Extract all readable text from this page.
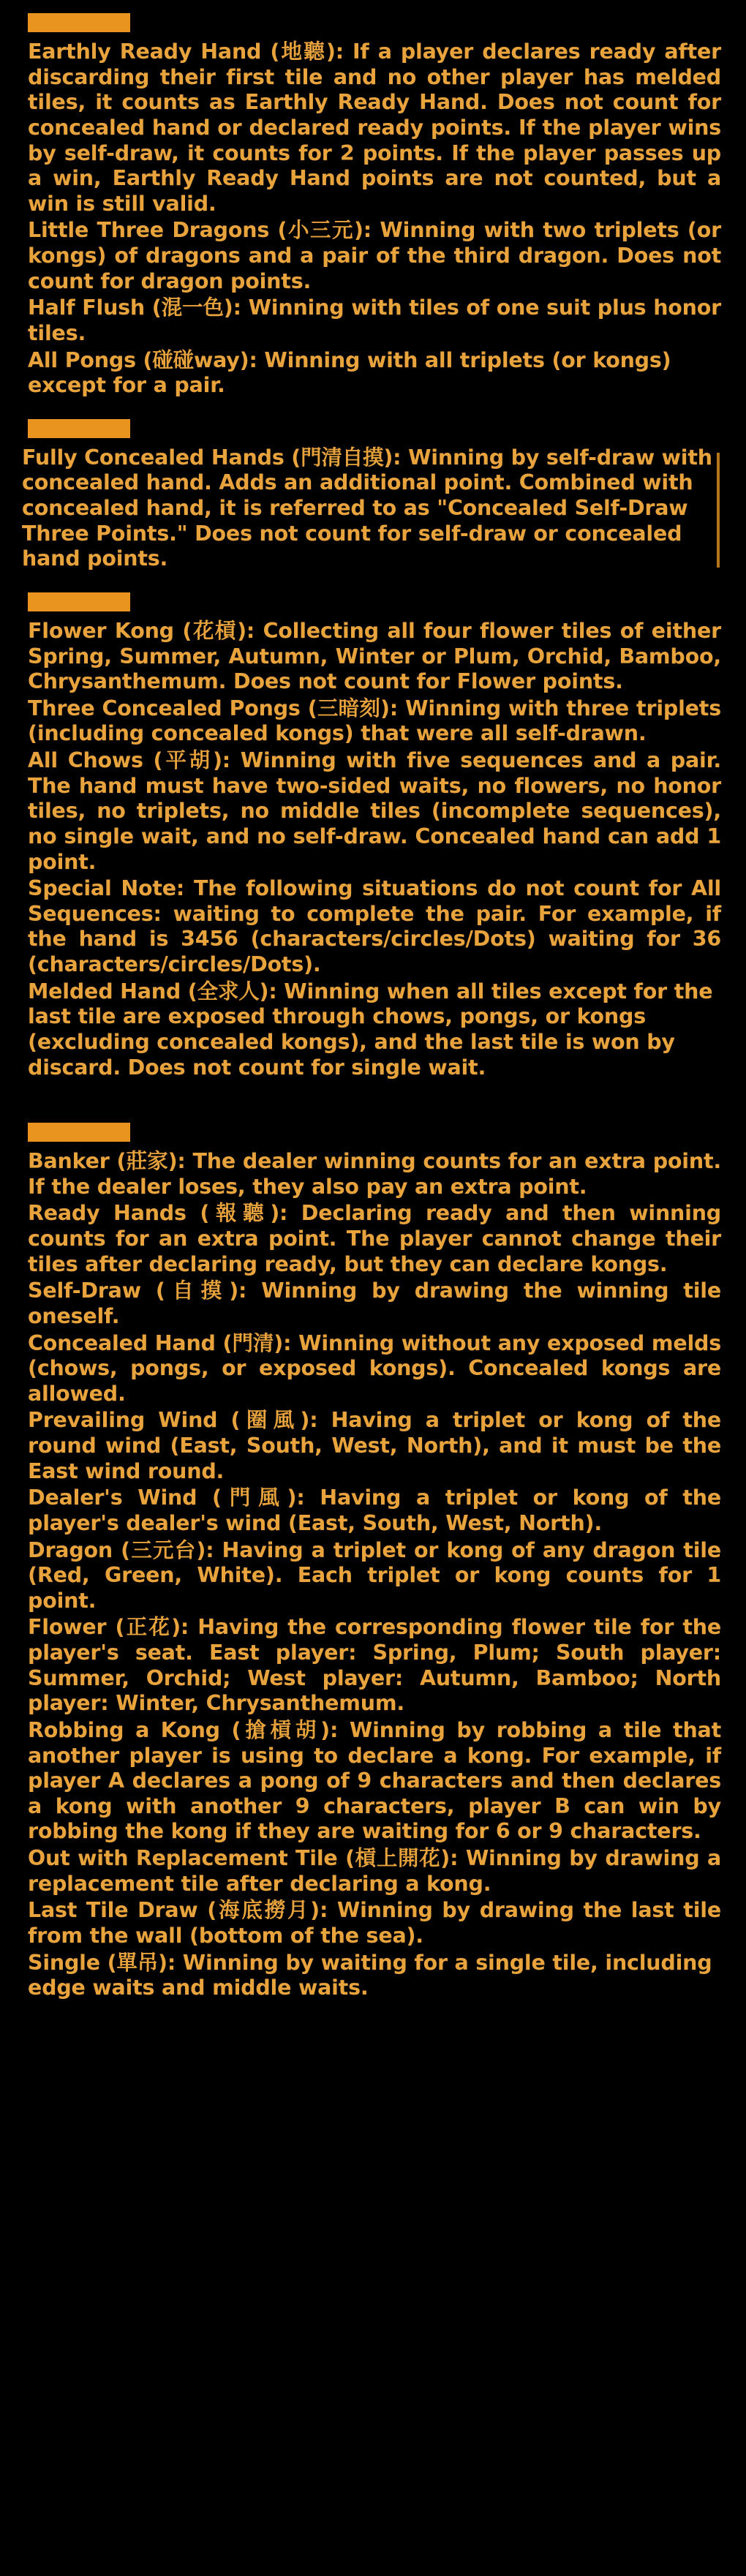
Earthly Ready Hand (地聽): If a player declares ready after discarding their first tile and no other player has melded tiles, it counts as Earthly Ready Hand. Does not count for concealed hand or declared ready points. If the player wins by self-draw, it counts for 2 points. If the player passes up a win, Earthly Ready Hand points are not counted, but a win is still valid.

Little Three Dragons (小三元): Winning with two triplets (or kongs) of dragons and a pair of the third dragon. Does not count for dragon points.

Half Flush (混一色): Winning with tiles of one suit plus honor tiles.

All Pongs (碰碰way): Winning with all triplets (or kongs) except for a pair.

Fully Concealed Hands (門清自摸): Winning by self-draw with concealed hand. Adds an additional point. Combined with concealed hand, it is referred to as "Concealed Self-Draw Three Points." Does not count for self-draw or concealed hand points.

Flower Kong (花槓): Collecting all four flower tiles of either Spring, Summer, Autumn, Winter or Plum, Orchid, Bamboo, Chrysanthemum. Does not count for Flower points.

Three Concealed Pongs (三暗刻): Winning with three triplets (including concealed kongs) that were all self-drawn.

All Chows (平胡): Winning with five sequences and a pair. The hand must have two-sided waits, no flowers, no honor tiles, no triplets, no middle tiles (incomplete sequences), no single wait, and no self-draw. Concealed hand can add 1 point.

Special Note: The following situations do not count for All Sequences: waiting to complete the pair. For example, if the hand is 3456 (characters/circles/Dots) waiting for 36 (characters/circles/Dots).

Melded Hand (全求人): Winning when all tiles except for the last tile are exposed through chows, pongs, or kongs (excluding concealed kongs), and the last tile is won by discard. Does not count for single wait.

Banker (莊家): The dealer winning counts for an extra point. If the dealer loses, they also pay an extra point.

Ready Hands (報聽): Declaring ready and then winning counts for an extra point. The player cannot change their tiles after declaring ready, but they can declare kongs.

Self-Draw (自摸): Winning by drawing the winning tile oneself.

Concealed Hand (門清): Winning without any exposed melds (chows, pongs, or exposed kongs). Concealed kongs are allowed.

Prevailing Wind (圈風): Having a triplet or kong of the round wind (East, South, West, North), and it must be the East wind round.

Dealer's Wind (門風): Having a triplet or kong of the player's dealer's wind (East, South, West, North).

Dragon (三元台): Having a triplet or kong of any dragon tile (Red, Green, White). Each triplet or kong counts for 1 point.

Flower (正花): Having the corresponding flower tile for the player's seat. East player: Spring, Plum; South player: Summer, Orchid; West player: Autumn, Bamboo; North player: Winter, Chrysanthemum.

Robbing a Kong (搶槓胡): Winning by robbing a tile that another player is using to declare a kong. For example, if player A declares a pong of 9 characters and then declares a kong with another 9 characters, player B can win by robbing the kong if they are waiting for 6 or 9 characters.

Out with Replacement Tile (槓上開花): Winning by drawing a replacement tile after declaring a kong.

Last Tile Draw (海底撈月): Winning by drawing the last tile from the wall (bottom of the sea).

Single (單吊): Winning by waiting for a single tile, including edge waits and middle waits.
